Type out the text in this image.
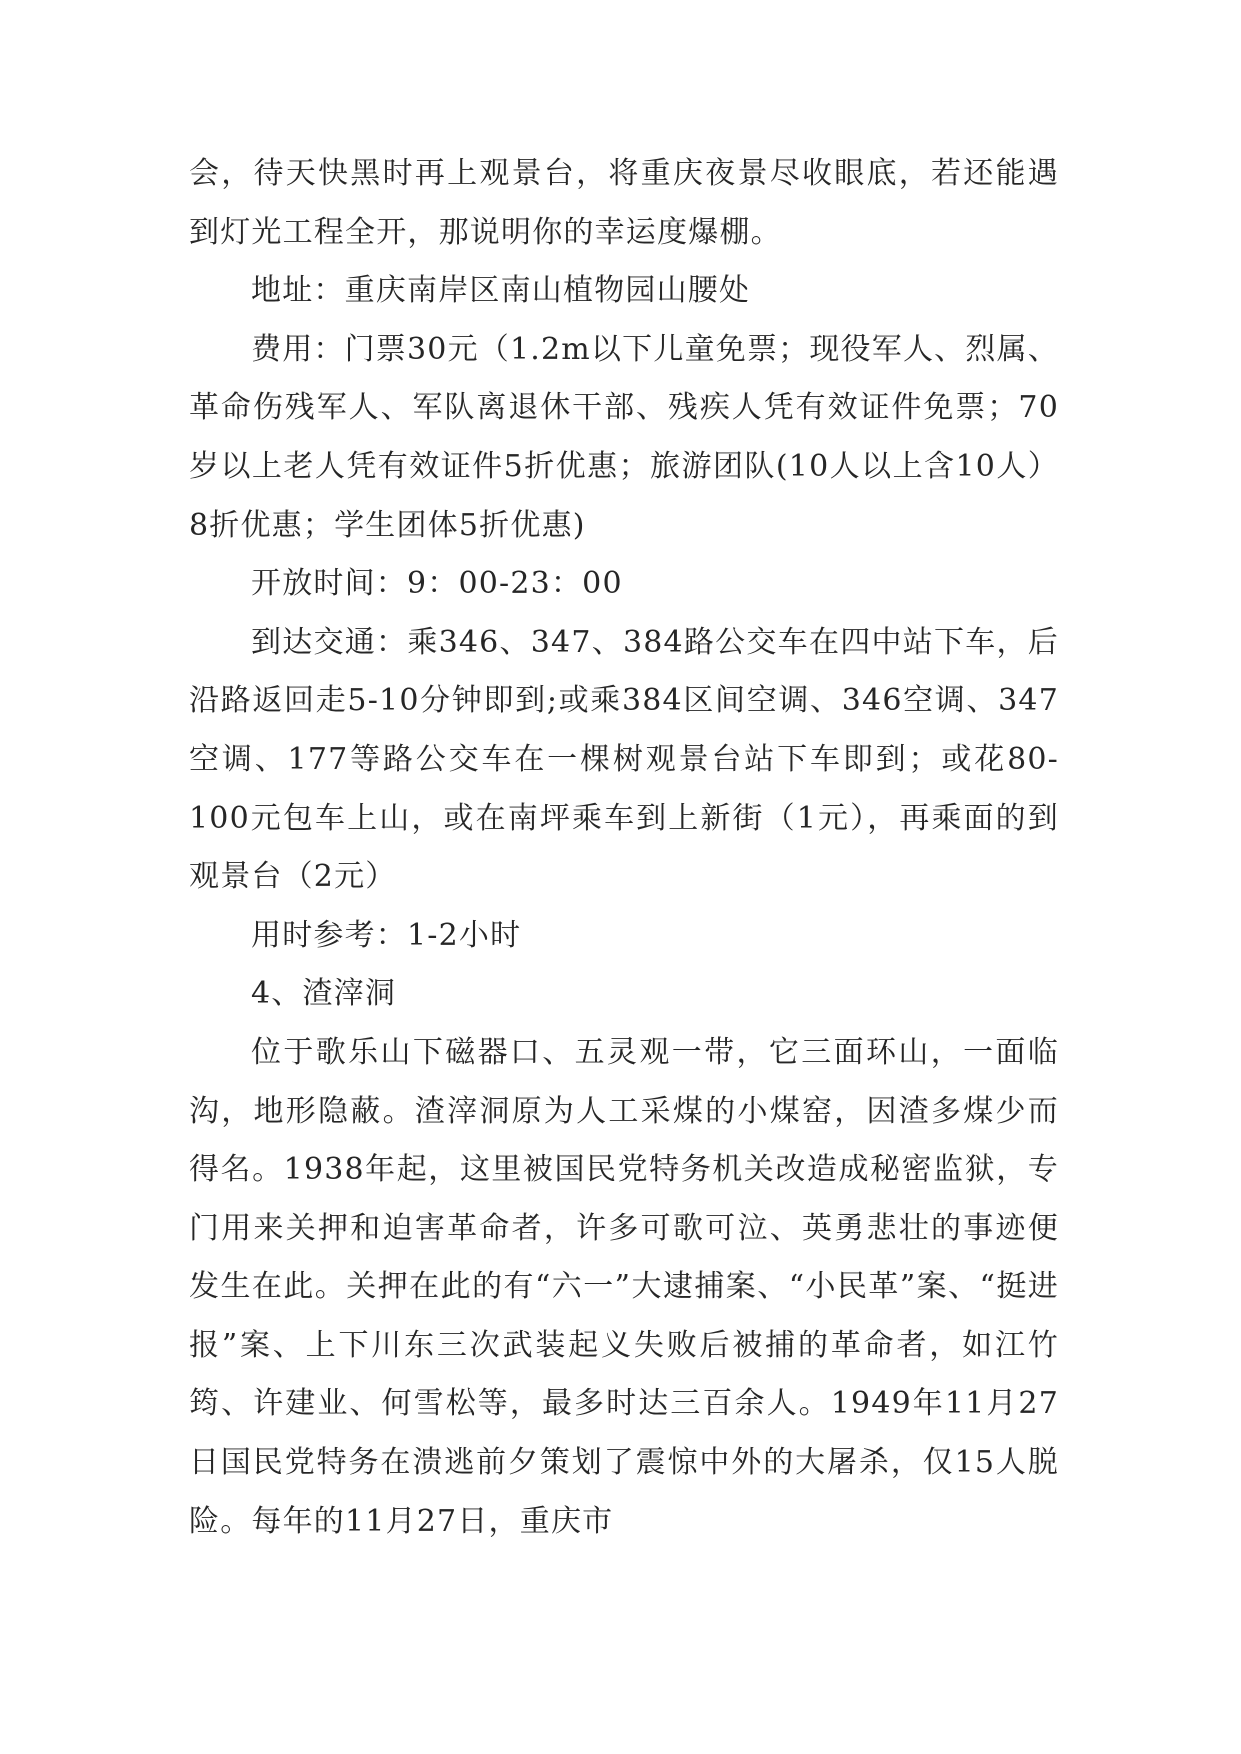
会，待天快黑时再上观景台，将重庆夜景尽收眼底，若还能遇到灯光工程全开，那说明你的幸运度爆棚。

地址：重庆南岸区南山植物园山腰处

费用：门票30元（1.2m以下儿童免票；现役军人、烈属、革命伤残军人、军队离退休干部、残疾人凭有效证件免票；70岁以上老人凭有效证件5折优惠；旅游团队(10人以上含10人）8折优惠；学生团体5折优惠)

开放时间：9：00-23：00

到达交通：乘346、347、384路公交车在四中站下车，后沿路返回走5-10分钟即到;或乘384区间空调、346空调、347空调、177等路公交车在一棵树观景台站下车即到；或花80-100元包车上山，或在南坪乘车到上新街（1元），再乘面的到观景台（2元）

用时参考：1-2小时

4、渣滓洞

位于歌乐山下磁器口、五灵观一带，它三面环山，一面临沟，地形隐蔽。渣滓洞原为人工采煤的小煤窑，因渣多煤少而得名。1938年起，这里被国民党特务机关改造成秘密监狱，专门用来关押和迫害革命者，许多可歌可泣、英勇悲壮的事迹便发生在此。关押在此的有“六一”大逮捕案、“小民革”案、“挺进报”案、上下川东三次武装起义失败后被捕的革命者，如江竹筠、许建业、何雪松等，最多时达三百余人。1949年11月27日国民党特务在溃逃前夕策划了震惊中外的大屠杀，仅15人脱险。每年的11月27日，重庆市
